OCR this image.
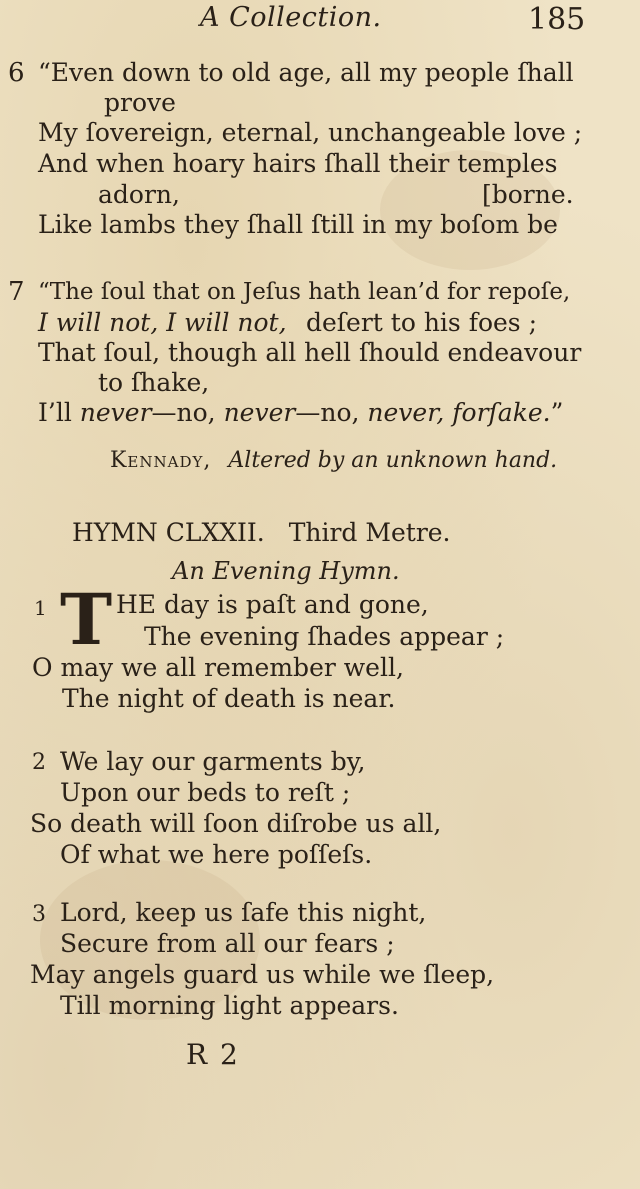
A Collection.	185
6 “Even down to old age, all my people ſhall
prove
My ſovereign, eternal, unchangeable love ;
And when hoary hairs ſhall their temples
adorn,	[borne.
Like lambs they ſhall ſtill in my boſom be
7 “The ſoul that on Jeſus hath lean’d for repoſe,
I will not, I will not, deſert to his foes ;
That ſoul, though all hell ſhould endeavour
to ſhake,
I’ll never—no, never—no, never, forſake.”
Kennady, Altered by an unknown hand.
HYMN CLXXII. Third Metre.
An Evening Hymn.
1 T HE day is paſt and gone,
The evening ſhades appear ;
O may we all remember well,
The night of death is near.
2 We lay our garments by,
Upon our beds to reſt ;
So death will ſoon diſrobe us all,
Of what we here poſſeſs.
3 Lord, keep us ſafe this night,
Secure from all our fears ;
May angels guard us while we ſleep,
Till morning light appears.
R 2
